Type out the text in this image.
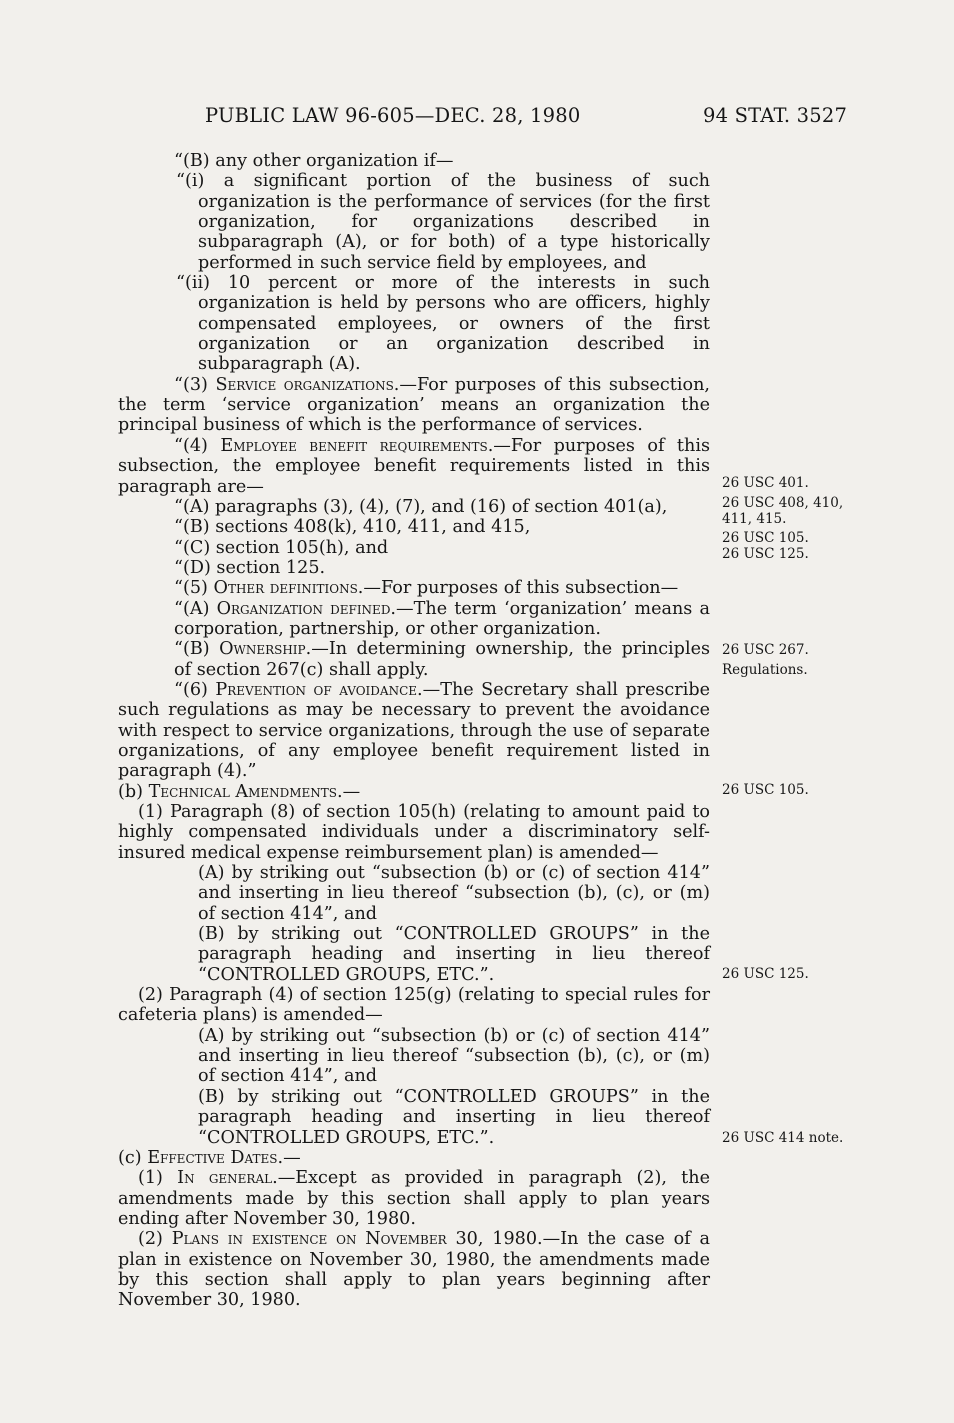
PUBLIC LAW 96-605—DEC. 28, 1980	94 STAT. 3527
“(B) any other organization if—
“(i) a significant portion of the business of such organization is the performance of services (for the first organization, for organizations described in subparagraph (A), or for both) of a type historically performed in such service field by employees, and
“(ii) 10 percent or more of the interests in such organization is held by persons who are officers, highly compensated employees, or owners of the first organization or an organization described in subparagraph (A).
“(3) Service organizations.—For purposes of this subsection, the term ‘service organization’ means an organization the principal business of which is the performance of services.
“(4) Employee benefit requirements.—For purposes of this subsection, the employee benefit requirements listed in this paragraph are—
“(A) paragraphs (3), (4), (7), and (16) of section 401(a),
“(B) sections 408(k), 410, 411, and 415,
“(C) section 105(h), and
“(D) section 125.
“(5) Other definitions.—For purposes of this subsection—
“(A) Organization defined.—The term ‘organization’ means a corporation, partnership, or other organization.
“(B) Ownership.—In determining ownership, the principles of section 267(c) shall apply.
“(6) Prevention of avoidance.—The Secretary shall prescribe such regulations as may be necessary to prevent the avoidance with respect to service organizations, through the use of separate organizations, of any employee benefit requirement listed in paragraph (4).”
(b) Technical Amendments.—
(1) Paragraph (8) of section 105(h) (relating to amount paid to highly compensated individuals under a discriminatory self-insured medical expense reimbursement plan) is amended—
(A) by striking out “subsection (b) or (c) of section 414” and inserting in lieu thereof “subsection (b), (c), or (m) of section 414”, and
(B) by striking out “CONTROLLED GROUPS” in the paragraph heading and inserting in lieu thereof “CONTROLLED GROUPS, ETC.”.
(2) Paragraph (4) of section 125(g) (relating to special rules for cafeteria plans) is amended—
(A) by striking out “subsection (b) or (c) of section 414” and inserting in lieu thereof “subsection (b), (c), or (m) of section 414”, and
(B) by striking out “CONTROLLED GROUPS” in the paragraph heading and inserting in lieu thereof “CONTROLLED GROUPS, ETC.”.
(c) Effective Dates.—
(1) In general.—Except as provided in paragraph (2), the amendments made by this section shall apply to plan years ending after November 30, 1980.
(2) Plans in existence on November 30, 1980.—In the case of a plan in existence on November 30, 1980, the amendments made by this section shall apply to plan years beginning after November 30, 1980.
26 USC 401.
26 USC 408, 410,
411, 415.
26 USC 105.
26 USC 125.
26 USC 267.
Regulations.
26 USC 105.
26 USC 125.
26 USC 414 note.
